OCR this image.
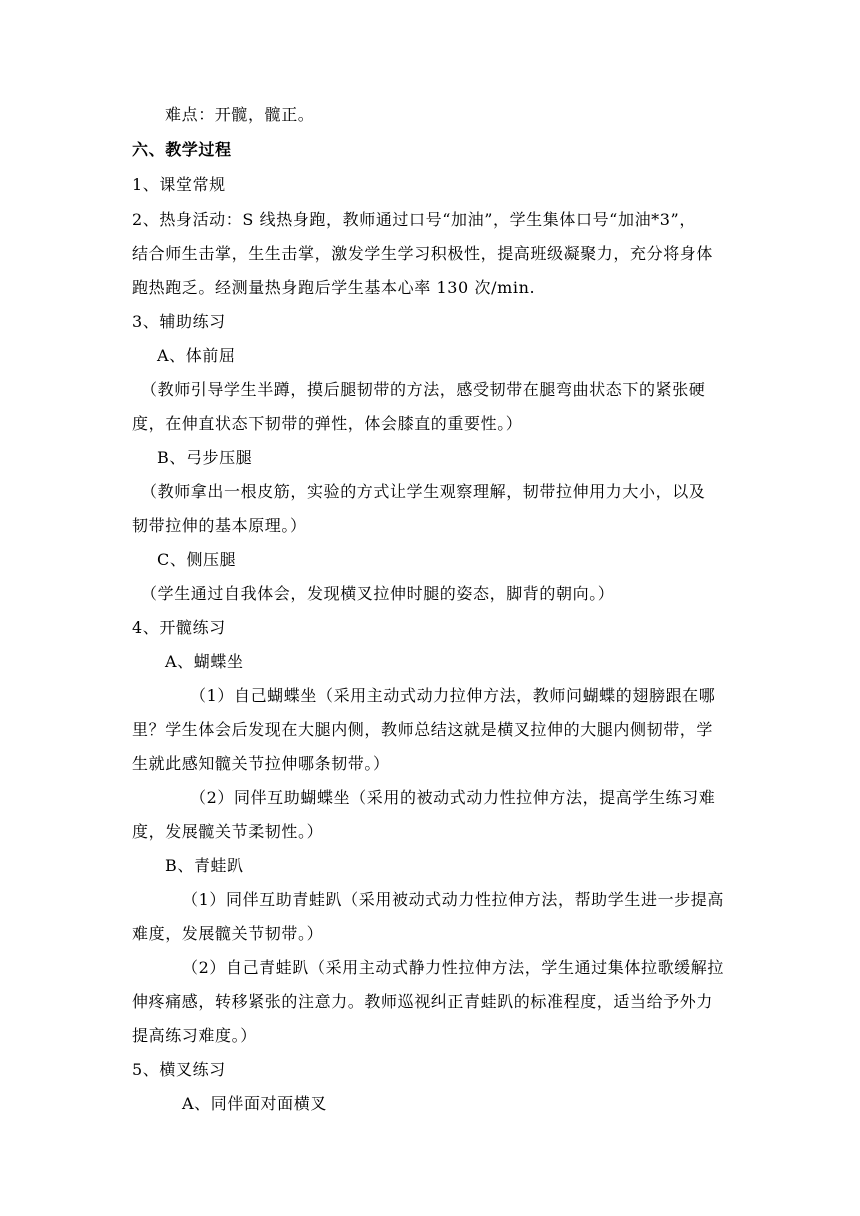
难点：开髋，髋正。
六、教学过程
1、课堂常规
2、热身活动：S 线热身跑，教师通过口号“加油”，学生集体口号“加油*3”，
结合师生击掌，生生击掌，激发学生学习积极性，提高班级凝聚力，充分将身体
跑热跑乏。经测量热身跑后学生基本心率 130 次/min.
3、辅助练习
A、体前屈
（教师引导学生半蹲，摸后腿韧带的方法，感受韧带在腿弯曲状态下的紧张硬
度，在伸直状态下韧带的弹性，体会膝直的重要性。）
B、弓步压腿
（教师拿出一根皮筋，实验的方式让学生观察理解，韧带拉伸用力大小，以及
韧带拉伸的基本原理。）
C、侧压腿
（学生通过自我体会，发现横叉拉伸时腿的姿态，脚背的朝向。）
4、开髋练习
A、蝴蝶坐
（1）自己蝴蝶坐（采用主动式动力拉伸方法，教师问蝴蝶的翅膀跟在哪
里？学生体会后发现在大腿内侧，教师总结这就是横叉拉伸的大腿内侧韧带，学
生就此感知髋关节拉伸哪条韧带。）
（2）同伴互助蝴蝶坐（采用的被动式动力性拉伸方法，提高学生练习难
度，发展髋关节柔韧性。）
B、青蛙趴
（1）同伴互助青蛙趴（采用被动式动力性拉伸方法，帮助学生进一步提高
难度，发展髋关节韧带。）
（2）自己青蛙趴（采用主动式静力性拉伸方法，学生通过集体拉歌缓解拉
伸疼痛感，转移紧张的注意力。教师巡视纠正青蛙趴的标准程度，适当给予外力
提高练习难度。）
5、横叉练习
A、同伴面对面横叉
